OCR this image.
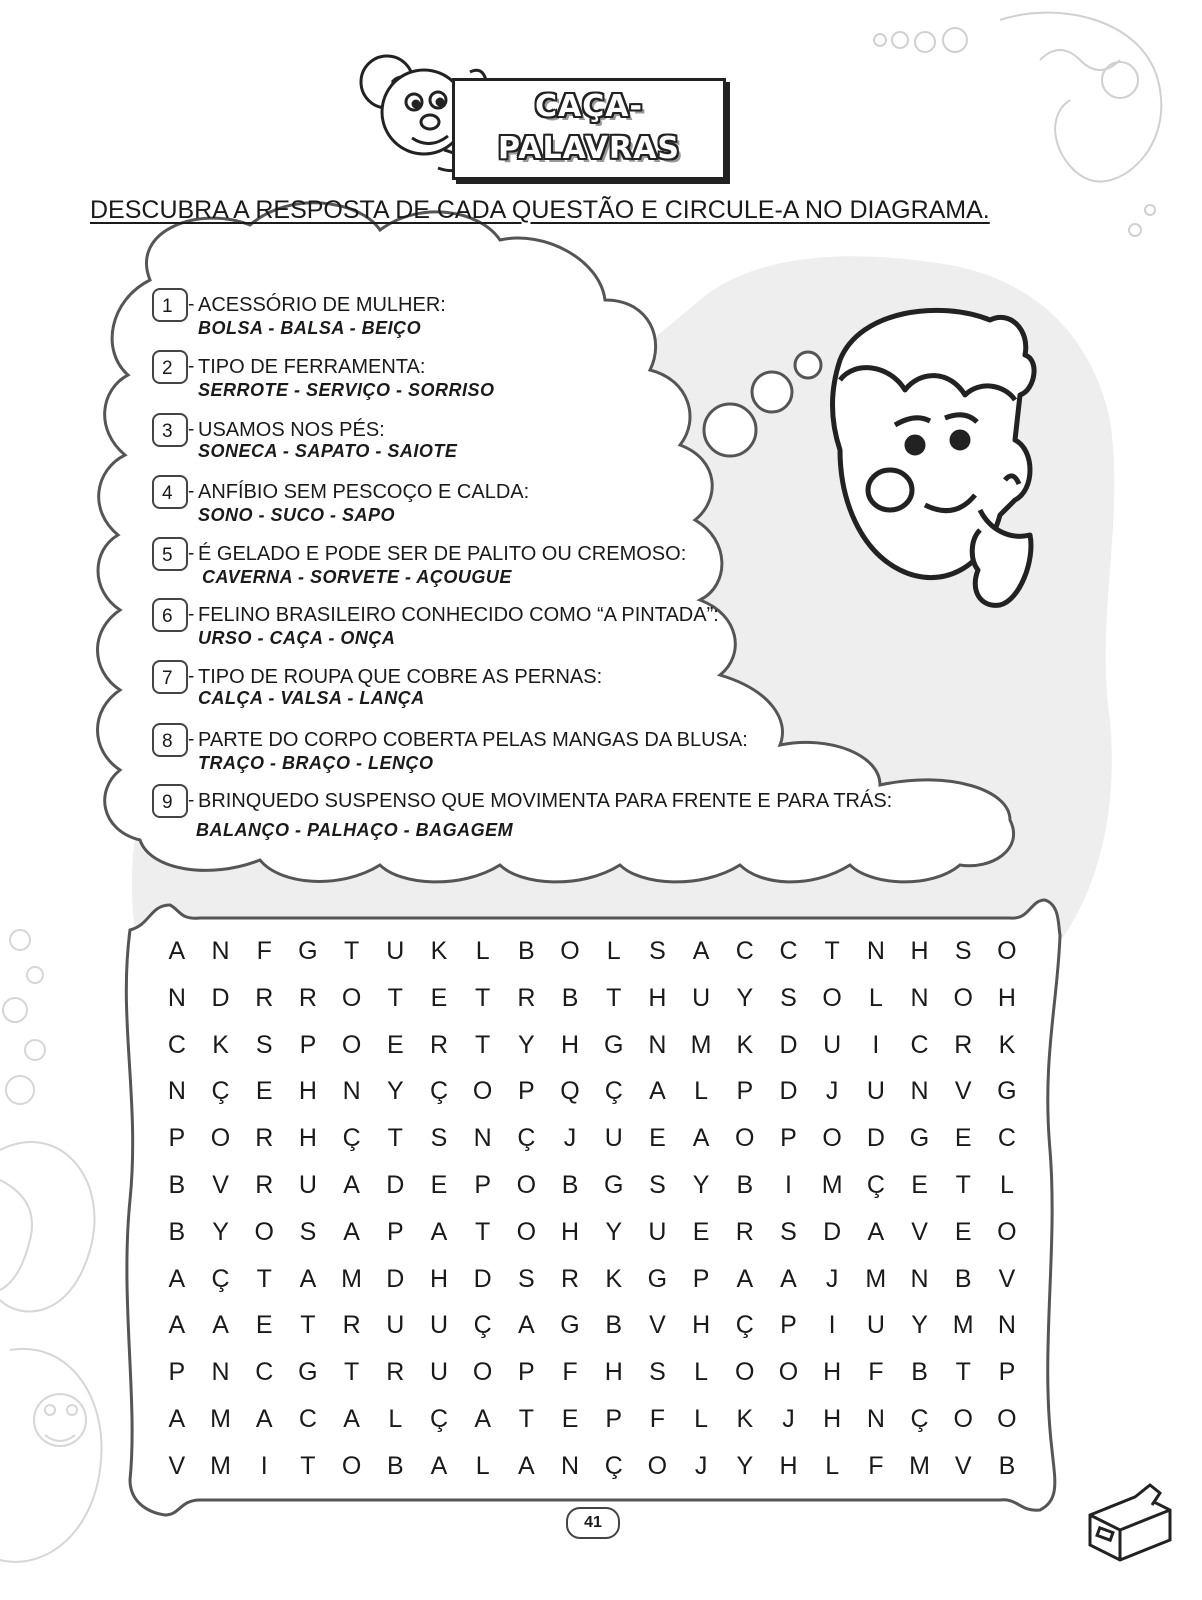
CAÇA-
PALAVRAS
DESCUBRA A RESPOSTA DE CADA QUESTÃO E CIRCULE-A NO DIAGRAMA.
1 - ACESSÓRIO DE MULHER:
BOLSA - BALSA - BEIÇO
2 - TIPO DE FERRAMENTA:
SERROTE - SERVIÇO - SORRISO
3 - USAMOS NOS PÉS:
SONECA - SAPATO - SAIOTE
4 - ANFÍBIO SEM PESCOÇO E CALDA:
SONO - SUCO - SAPO
5 - É GELADO E PODE SER DE PALITO OU CREMOSO:
CAVERNA - SORVETE - AÇOUGUE
6 - FELINO BRASILEIRO CONHECIDO COMO “A PINTADA”:
URSO - CAÇA - ONÇA
7 - TIPO DE ROUPA QUE COBRE AS PERNAS:
CALÇA - VALSA - LANÇA
8 - PARTE DO CORPO COBERTA PELAS MANGAS DA BLUSA:
TRAÇO - BRAÇO - LENÇO
9 - BRINQUEDO SUSPENSO QUE MOVIMENTA PARA FRENTE E PARA TRÁS:
BALANÇO - PALHAÇO - BAGAGEM
A	N	F	G	T	U	K	L	B	O	L	S	A	C	C	T	N	H	S	O
N	D	R	R O	T	E	T	R	B	T	H	U	Y	S	O	L	N O H
C	K	S	P	O	E	R	T	Y	H G N M K	D	U	I	C	R	K
N	Ç	E	H	N	Y	Ç O	P	Q Ç	A	L	P	D	J	U	N	V	G
P	O R	H	Ç	T	S	N	Ç	J	U	E	A	O	P	O D G	E	C
B	V	R	U	A	D	E	P	O	B	G	S	Y	B	I	M Ç	E	T	L
B	Y	O	S	A	P	A	T	O H	Y	U	E	R	S	D	A	V	E	O
A	Ç	T	A M D	H	D	S	R	K	G	P	A	A	J	M N	B	V
A	A	E	T	R	U	U	Ç	A	G	B	V	H	Ç	P	I	U	Y M N
P	N	C G	T	R	U O	P	F	H	S	L	O O H	F	B	T	P
A M A	C	A	L	Ç	A	T	E	P	F	L	K	J	H	N	Ç O O
V M	I	T	O	B	A	L	A	N	Ç O	J	Y	H	L	F	M V	B
41
